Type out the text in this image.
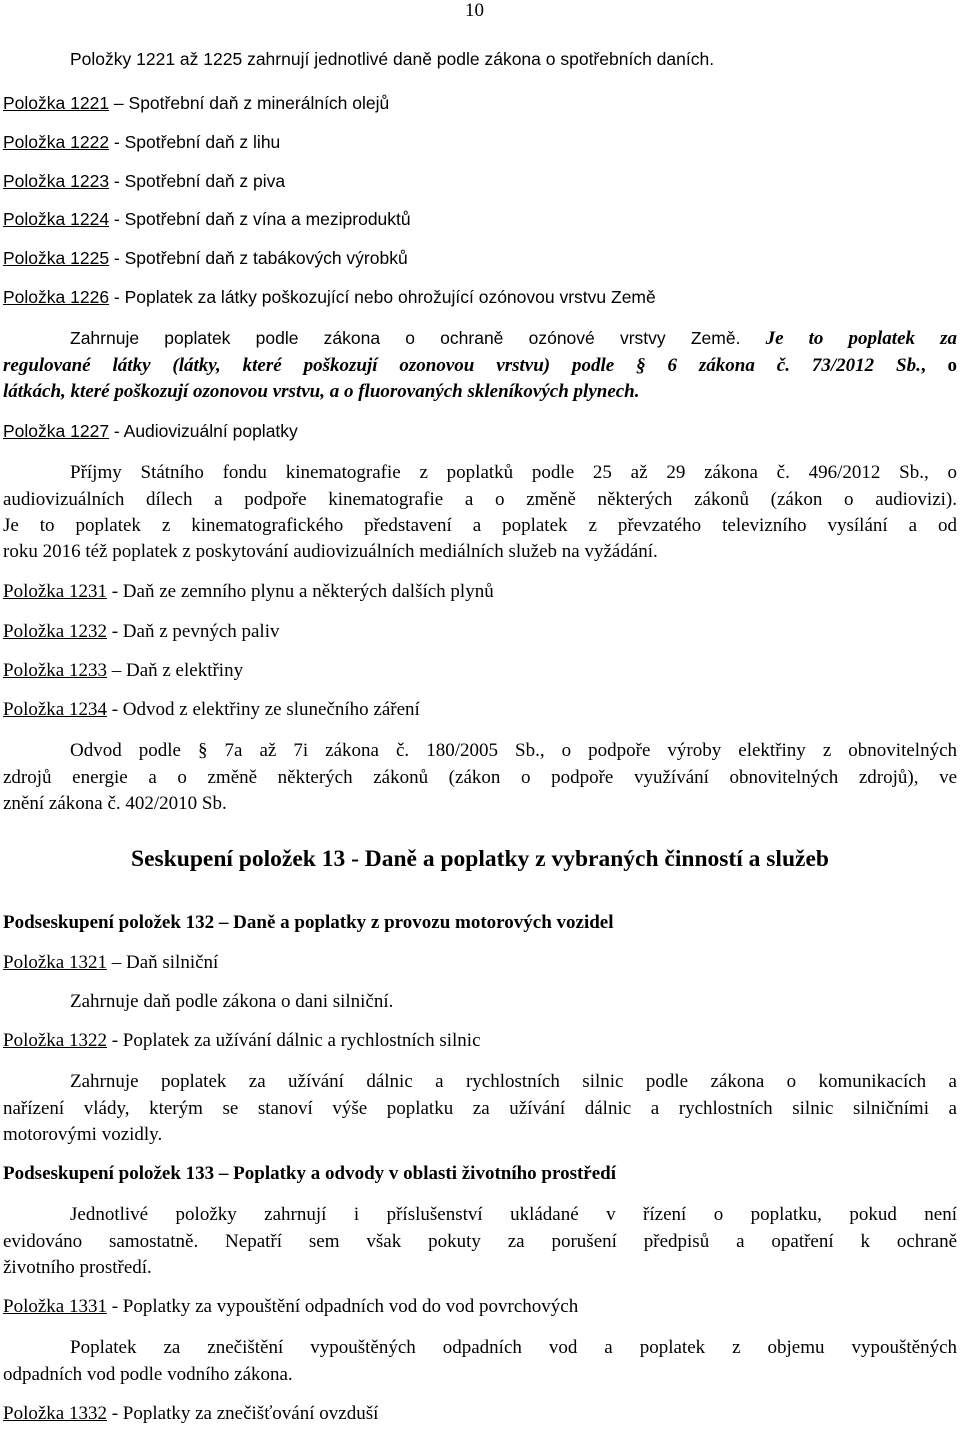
10
Položky 1221 až 1225 zahrnují jednotlivé daně podle zákona o spotřebních daních.
Položka 1221 – Spotřební daň z minerálních olejů
Položka 1222 - Spotřební daň z lihu
Položka 1223 - Spotřební daň z piva
Položka 1224 - Spotřební daň z vína a meziproduktů
Položka 1225 - Spotřební daň z tabákových výrobků
Položka 1226 - Poplatek za látky poškozující nebo ohrožující ozónovou vrstvu Země
Zahrnuje poplatek podle zákona o ochraně ozónové vrstvy Země. Je to poplatek za
regulované látky (látky, které poškozují ozonovou vrstvu) podle § 6 zákona č. 73/2012 Sb., o
látkách, které poškozují ozonovou vrstvu, a o fluorovaných skleníkových plynech.
Položka 1227 - Audiovizuální poplatky
Příjmy Státního fondu kinematografie z poplatků podle 25 až 29 zákona č. 496/2012 Sb., o
audiovizuálních dílech a podpoře kinematografie a o změně některých zákonů (zákon o audiovizi).
Je to poplatek z kinematografického představení a poplatek z převzatého televizního vysílání a od
roku 2016 též poplatek z poskytování audiovizuálních mediálních služeb na vyžádání.
Položka 1231 - Daň ze zemního plynu a některých dalších plynů
Položka 1232 - Daň z pevných paliv
Položka 1233 – Daň z elektřiny
Položka 1234 - Odvod z elektřiny ze slunečního záření
Odvod podle § 7a až 7i zákona č. 180/2005 Sb., o podpoře výroby elektřiny z obnovitelných
zdrojů energie a o změně některých zákonů (zákon o podpoře využívání obnovitelných zdrojů), ve
znění zákona č. 402/2010 Sb.
Seskupení položek 13 - Daně a poplatky z vybraných činností a služeb
Podseskupení položek 132 – Daně a poplatky z provozu motorových vozidel
Položka 1321 – Daň silniční
Zahrnuje daň podle zákona o dani silniční.
Položka 1322 - Poplatek za užívání dálnic a rychlostních silnic
Zahrnuje poplatek za užívání dálnic a rychlostních silnic podle zákona o komunikacích a
nařízení vlády, kterým se stanoví výše poplatku za užívání dálnic a rychlostních silnic silničními a
motorovými vozidly.
Podseskupení položek 133 – Poplatky a odvody v oblasti životního prostředí
Jednotlivé položky zahrnují i příslušenství ukládané v řízení o poplatku, pokud není
evidováno samostatně. Nepatří sem však pokuty za porušení předpisů a opatření k ochraně
životního prostředí.
Položka 1331 - Poplatky za vypouštění odpadních vod do vod povrchových
Poplatek za znečištění vypouštěných odpadních vod a poplatek z objemu vypouštěných
odpadních vod podle vodního zákona.
Položka 1332 - Poplatky za znečišťování ovzduší
